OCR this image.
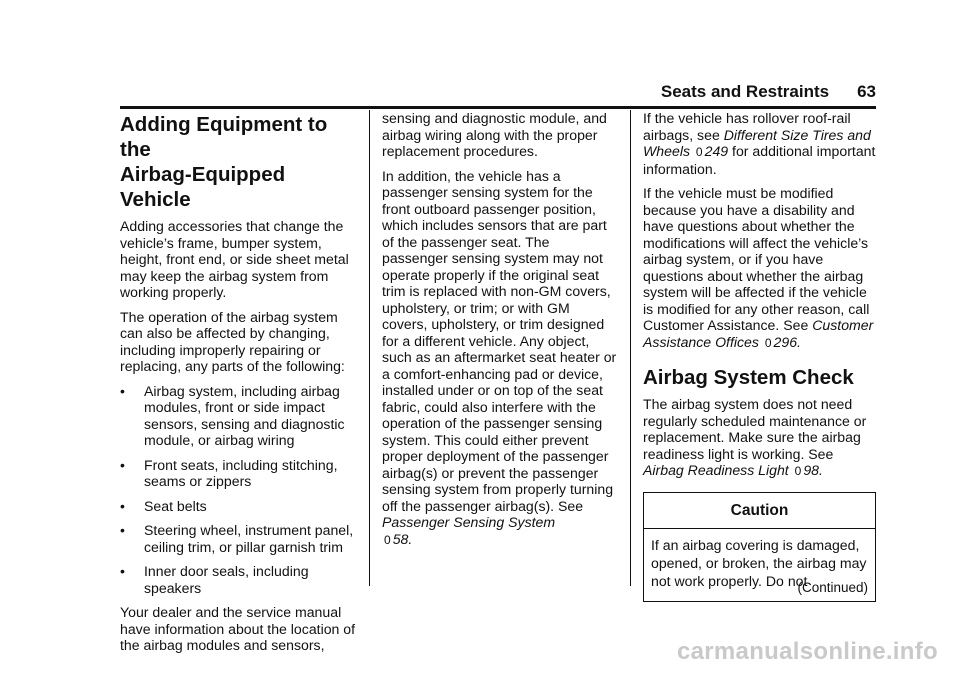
Seats and Restraints 63
Adding Equipment to the
Airbag-Equipped Vehicle

Adding accessories that change the vehicle’s frame, bumper system, height, front end, or side sheet metal may keep the airbag system from working properly.

The operation of the airbag system can also be affected by changing, including improperly repairing or replacing, any parts of the following:

• Airbag system, including airbag modules, front or side impact sensors, sensing and diagnostic module, or airbag wiring
• Front seats, including stitching, seams or zippers
• Seat belts
• Steering wheel, instrument panel, ceiling trim, or pillar garnish trim
• Inner door seals, including speakers

Your dealer and the service manual have information about the location of the airbag modules and sensors,

sensing and diagnostic module, and airbag wiring along with the proper replacement procedures.

In addition, the vehicle has a passenger sensing system for the front outboard passenger position, which includes sensors that are part of the passenger seat. The passenger sensing system may not operate properly if the original seat trim is replaced with non-GM covers, upholstery, or trim; or with GM covers, upholstery, or trim designed for a different vehicle. Any object, such as an aftermarket seat heater or a comfort-enhancing pad or device, installed under or on top of the seat fabric, could also interfere with the operation of the passenger sensing system. This could either prevent proper deployment of the passenger airbag(s) or prevent the passenger sensing system from properly turning off the passenger airbag(s). See Passenger Sensing System
0 58.

If the vehicle has rollover roof-rail airbags, see Different Size Tires and Wheels 0 249 for additional important information.

If the vehicle must be modified because you have a disability and have questions about whether the modifications will affect the vehicle’s airbag system, or if you have questions about whether the airbag system will be affected if the vehicle is modified for any other reason, call Customer Assistance. See Customer Assistance Offices 0 296.

Airbag System Check

The airbag system does not need regularly scheduled maintenance or replacement. Make sure the airbag readiness light is working. See Airbag Readiness Light 0 98.

Caution
If an airbag covering is damaged, opened, or broken, the airbag may not work properly. Do not
(Continued)
carmanualsonline.info
